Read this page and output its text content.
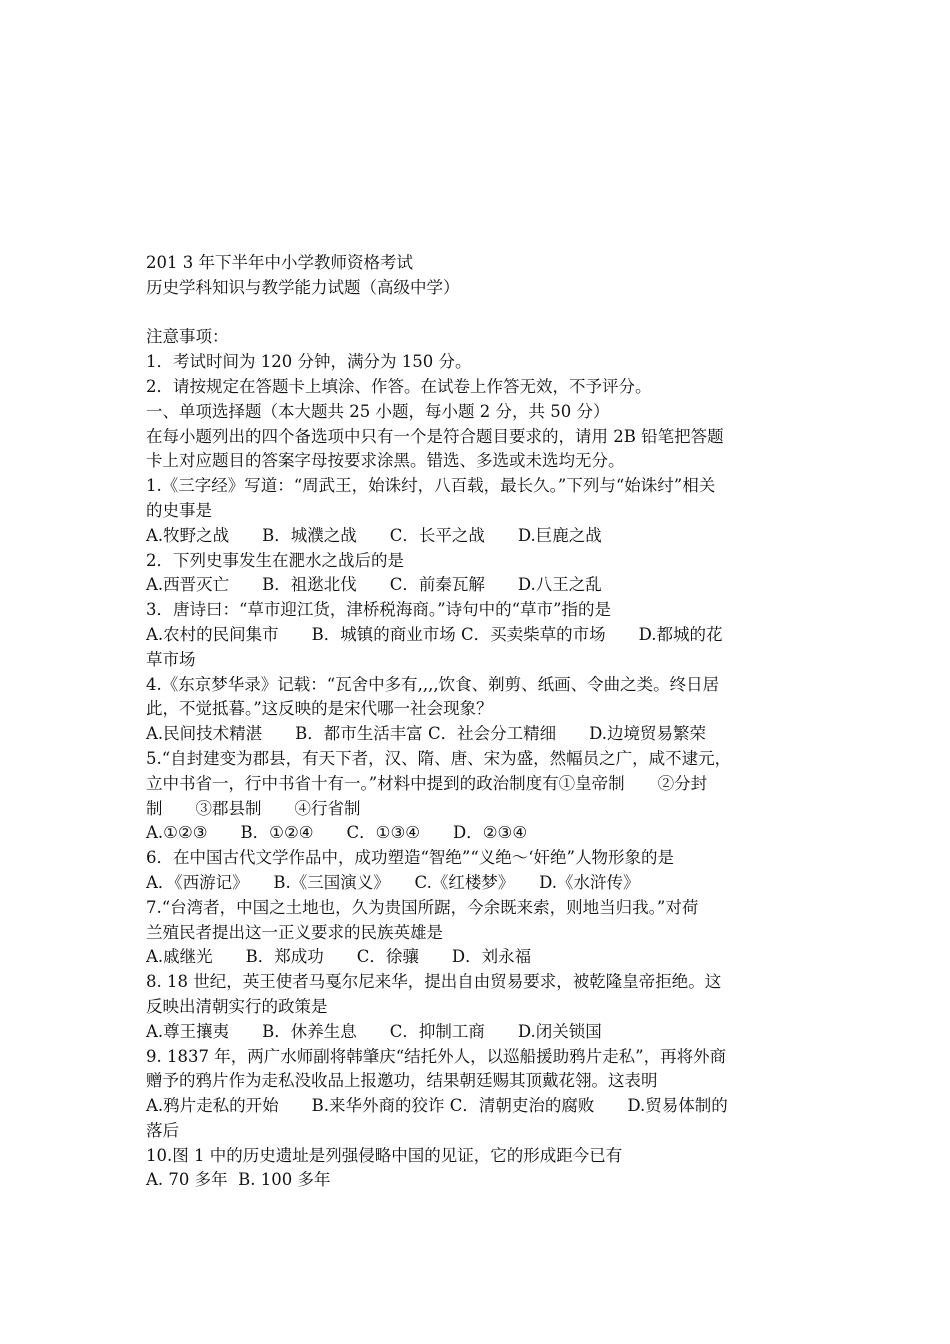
201 3 年下半年中小学教师资格考试
历史学科知识与教学能力试题（高级中学）
注意事项：
1．考试时间为 120 分钟，满分为 150 分。
2．请按规定在答题卡上填涂、作答。在试卷上作答无效，不予评分。
一、单项选择题（本大题共 25 小题，每小题 2 分，共 50 分）
在每小题列出的四个备选项中只有一个是符合题目要求的，请用 2B 铅笔把答题
卡上对应题目的答案字母按要求涂黑。错选、多选或未选均无分。
1.《三字经》写道：“周武王，始诛纣，八百载，最长久。”下列与“始诛纣”相关
的史事是
A.牧野之战　　B．城濮之战　　C．长平之战　　D.巨鹿之战
2．下列史事发生在淝水之战后的是
A.西晋灭亡　　B．祖逖北伐　　C．前秦瓦解　　D.八王之乱
3．唐诗曰：“草市迎江货，津桥税海商。”诗句中的“草市”指的是
A.农村的民间集市　　B．城镇的商业市场 C．买卖柴草的市场　　D.都城的花
草市场
4.《东京梦华录》记载：“瓦舍中多有,,,,饮食、剃剪、纸画、令曲之类。终日居
此，不觉抵暮。”这反映的是宋代哪一社会现象？
A.民间技术精湛　　B．都市生活丰富 C．社会分工精细　　D.边境贸易繁荣
5.“自封建变为郡县，有天下者，汉、隋、唐、宋为盛，然幅员之广，咸不逮元，
立中书省一，行中书省十有一。”材料中提到的政治制度有①皇帝制　　②分封
制　　③郡县制　　④行省制
A.①②③　　B．①②④　　C．①③④　　D．②③④
6．在中国古代文学作品中，成功塑造“智绝”“义绝～‘奸绝”人物形象的是
A．《西游记》　　B.《三国演义》　　C.《红楼梦》　　D.《水浒传》
7.“台湾者，中国之土地也，久为贵国所踞，今余既来索，则地当归我。”对荷
兰殖民者提出这一正义要求的民族英雄是
A.戚继光　　B．郑成功　　C．徐骧　　D．刘永福
8. 18 世纪，英王使者马戛尔尼来华，提出自由贸易要求，被乾隆皇帝拒绝。这
反映出清朝实行的政策是
A.尊王攘夷　　B．休养生息　　C．抑制工商　　D.闭关锁国
9. 1837 年，两广水师副将韩肇庆“结托外人，以巡船援助鸦片走私”，再将外商
赠予的鸦片作为走私没收品上报邀功，结果朝廷赐其顶戴花翎。这表明
A.鸦片走私的开始　　B.来华外商的狡诈 C．清朝吏治的腐败　　D.贸易体制的
落后
10.图 1 中的历史遗址是列强侵略中国的见证，它的形成距今已有
A. 70 多年  B. 100 多年
